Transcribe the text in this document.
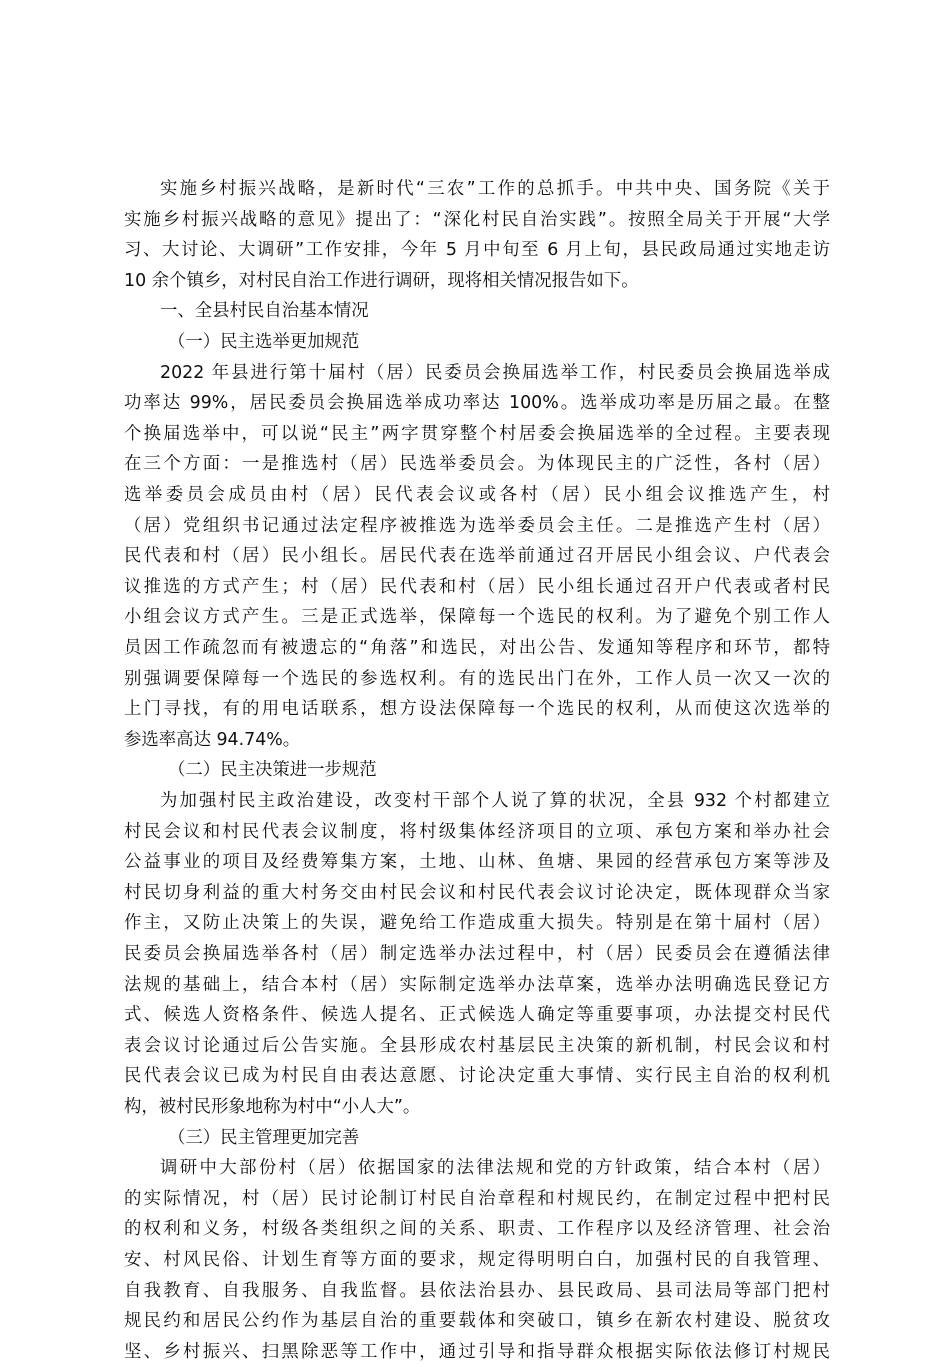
实施乡村振兴战略，是新时代“三农”工作的总抓手。中共中央、国务院《关于

实施乡村振兴战略的意见》提出了：“深化村民自治实践”。按照全局关于开展“大学

习、大讨论、大调研”工作安排，今年 5 月中旬至 6 月上旬，县民政局通过实地走访

10 余个镇乡，对村民自治工作进行调研，现将相关情况报告如下。

一、全县村民自治基本情况

（一）民主选举更加规范

2022 年县进行第十届村（居）民委员会换届选举工作，村民委员会换届选举成

功率达 99%，居民委员会换届选举成功率达 100%。选举成功率是历届之最。在整

个换届选举中，可以说“民主”两字贯穿整个村居委会换届选举的全过程。主要表现

在三个方面：一是推选村（居）民选举委员会。为体现民主的广泛性，各村（居）

选举委员会成员由村（居）民代表会议或各村（居）民小组会议推选产生，村

（居）党组织书记通过法定程序被推选为选举委员会主任。二是推选产生村（居）

民代表和村（居）民小组长。居民代表在选举前通过召开居民小组会议、户代表会

议推选的方式产生；村（居）民代表和村（居）民小组长通过召开户代表或者村民

小组会议方式产生。三是正式选举，保障每一个选民的权利。为了避免个别工作人

员因工作疏忽而有被遗忘的“角落”和选民，对出公告、发通知等程序和环节，都特

别强调要保障每一个选民的参选权利。有的选民出门在外，工作人员一次又一次的

上门寻找，有的用电话联系，想方设法保障每一个选民的权利，从而使这次选举的

参选率高达 94.74%。

（二）民主决策进一步规范

为加强村民主政治建设，改变村干部个人说了算的状况，全县 932 个村都建立

村民会议和村民代表会议制度，将村级集体经济项目的立项、承包方案和举办社会

公益事业的项目及经费筹集方案，土地、山林、鱼塘、果园的经营承包方案等涉及

村民切身利益的重大村务交由村民会议和村民代表会议讨论决定，既体现群众当家

作主，又防止决策上的失误，避免给工作造成重大损失。特别是在第十届村（居）

民委员会换届选举各村（居）制定选举办法过程中，村（居）民委员会在遵循法律

法规的基础上，结合本村（居）实际制定选举办法草案，选举办法明确选民登记方

式、候选人资格条件、候选人提名、正式候选人确定等重要事项，办法提交村民代

表会议讨论通过后公告实施。全县形成农村基层民主决策的新机制，村民会议和村

民代表会议已成为村民自由表达意愿、讨论决定重大事情、实行民主自治的权利机

构，被村民形象地称为村中“小人大”。

（三）民主管理更加完善

调研中大部份村（居）依据国家的法律法规和党的方针政策，结合本村（居）

的实际情况，村（居）民讨论制订村民自治章程和村规民约，在制定过程中把村民

的权利和义务，村级各类组织之间的关系、职责、工作程序以及经济管理、社会治

安、村风民俗、计划生育等方面的要求，规定得明明白白，加强村民的自我管理、

自我教育、自我服务、自我监督。县依法治县办、县民政局、县司法局等部门把村

规民约和居民公约作为基层自治的重要载体和突破口，镇乡在新农村建设、脱贫攻

坚、乡村振兴、扫黑除恶等工作中，通过引导和指导群众根据实际依法修订村规民
